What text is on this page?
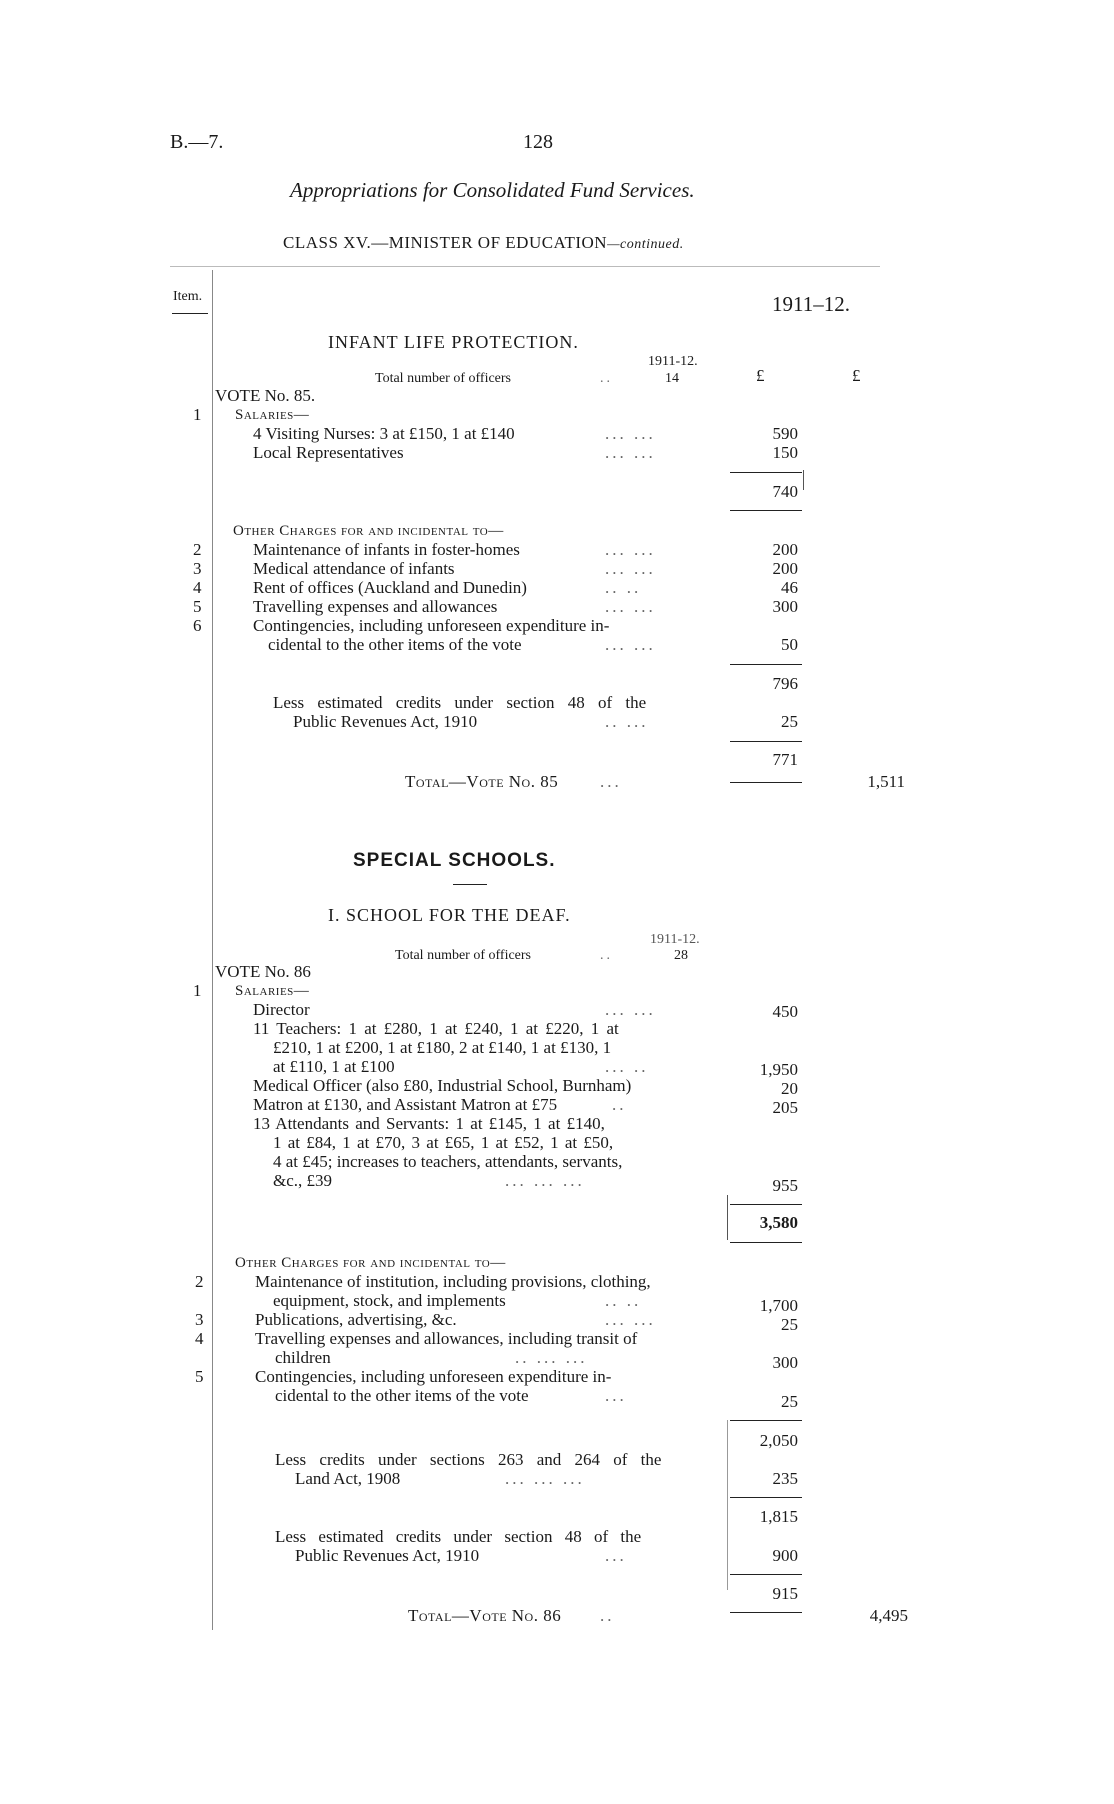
B.—7.	128
Appropriations for Consolidated Fund Services.
CLASS XV.—MINISTER OF EDUCATION—continued.
Item.	1911–12.
INFANT LIFE PROTECTION.
1911-12.
Total number of officers	..	14	£	£
VOTE No. 85.
1 Salaries—
4 Visiting Nurses: 3 at £150, 1 at £140	... ...	590
Local Representatives	... ...	150
740
Other Charges for and incidental to—
2	Maintenance of infants in foster-homes	... ...	200
3	Medical attendance of infants	... ...	200
4	Rent of offices (Auckland and Dunedin)	.. ..	46
5	Travelling expenses and allowances	... ...	300
6	Contingencies, including unforeseen expenditure in-
cidental to the other items of the vote	... ...	50
796
Less estimated credits under section 48 of the
Public Revenues Act, 1910	.. ...	25
771
Total—Vote No. 85 ...	1,511
SPECIAL SCHOOLS.
I. SCHOOL FOR THE DEAF.
1911-12.
Total number of officers	..	28
VOTE No. 86
1 Salaries—
Director	... ...	450
11 Teachers: 1 at £280, 1 at £240, 1 at £220, 1 at
£210, 1 at £200, 1 at £180, 2 at £140, 1 at £130, 1
at £110, 1 at £100	... ..	1,950
Medical Officer (also £80, Industrial School, Burnham)	20
Matron at £130, and Assistant Matron at £75	..	205
13 Attendants and Servants: 1 at £145, 1 at £140,
1 at £84, 1 at £70, 3 at £65, 1 at £52, 1 at £50,
4 at £45; increases to teachers, attendants, servants,
&c., £39	... ... ...	955
3,580
Other Charges for and incidental to—
2	Maintenance of institution, including provisions, clothing,
equipment, stock, and implements	.. ..	1,700
3	Publications, advertising, &c.	... ...	25
4	Travelling expenses and allowances, including transit of
children	.. ... ...	300
5	Contingencies, including unforeseen expenditure in-
cidental to the other items of the vote	...	25
2,050
Less credits under sections 263 and 264 of the
Land Act, 1908	... ... ...	235
1,815
Less estimated credits under section 48 of the
Public Revenues Act, 1910	...	900
915
Total—Vote No. 86 ..	4,495
